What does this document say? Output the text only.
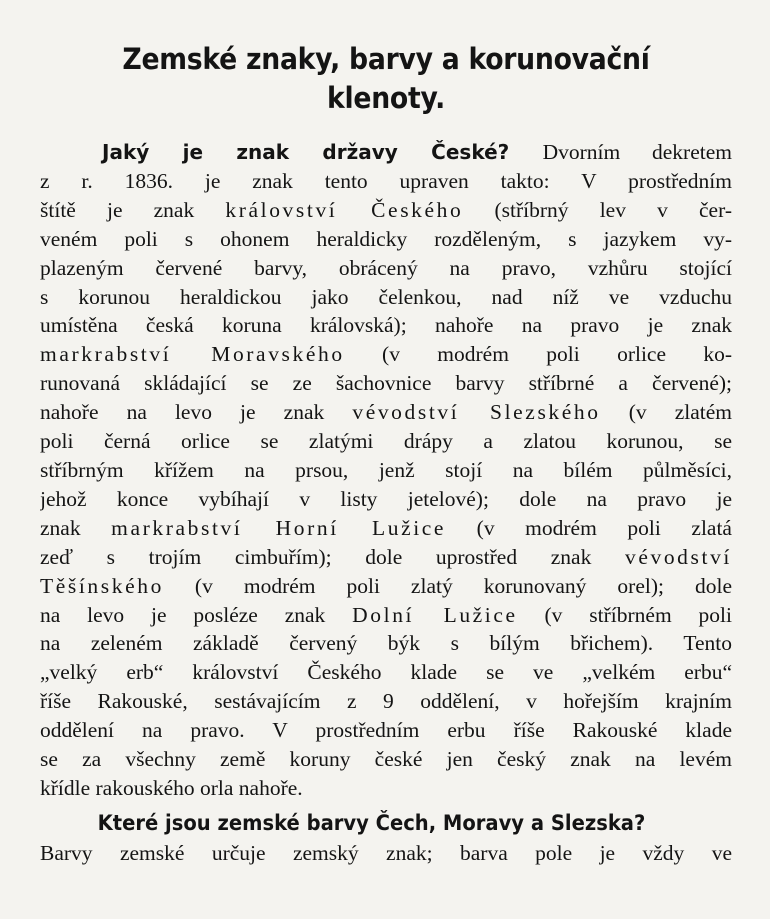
Zemské znaky, barvy a korunovační
klenoty.
Jaký je znak državy České? Dvorním dekretem
z r. 1836. je znak tento upraven takto: V prostředním
štítě je znak království Českého (stříbrný lev v čer-
veném poli s ohonem heraldicky rozděleným, s jazykem vy-
plazeným červené barvy, obrácený na pravo, vzhůru stojící
s korunou heraldickou jako čelenkou, nad níž ve vzduchu
umístěna česká koruna královská); nahoře na pravo je znak
markrabství Moravského (v modrém poli orlice ko-
runovaná skládající se ze šachovnice barvy stříbrné a červené);
nahoře na levo je znak vévodství Slezského (v zlatém
poli černá orlice se zlatými drápy a zlatou korunou, se
stříbrným křížem na prsou, jenž stojí na bílém půlměsíci,
jehož konce vybíhají v listy jetelové); dole na pravo je
znak markrabství Horní Lužice (v modrém poli zlatá
zeď s trojím cimbuřím); dole uprostřed znak vévodství
Těšínského (v modrém poli zlatý korunovaný orel); dole
na levo je posléze znak Dolní Lužice (v stříbrném poli
na zeleném základě červený býk s bílým břichem). Tento
„velký erb“ království Českého klade se ve „velkém erbu“
říše Rakouské, sestávajícím z 9 oddělení, v hořejším krajním
oddělení na pravo. V prostředním erbu říše Rakouské klade
se za všechny země koruny české jen český znak na levém
křídle rakouského orla nahoře.
Které jsou zemské barvy Čech, Moravy a Slezska?
Barvy zemské určuje zemský znak; barva pole je vždy ve
